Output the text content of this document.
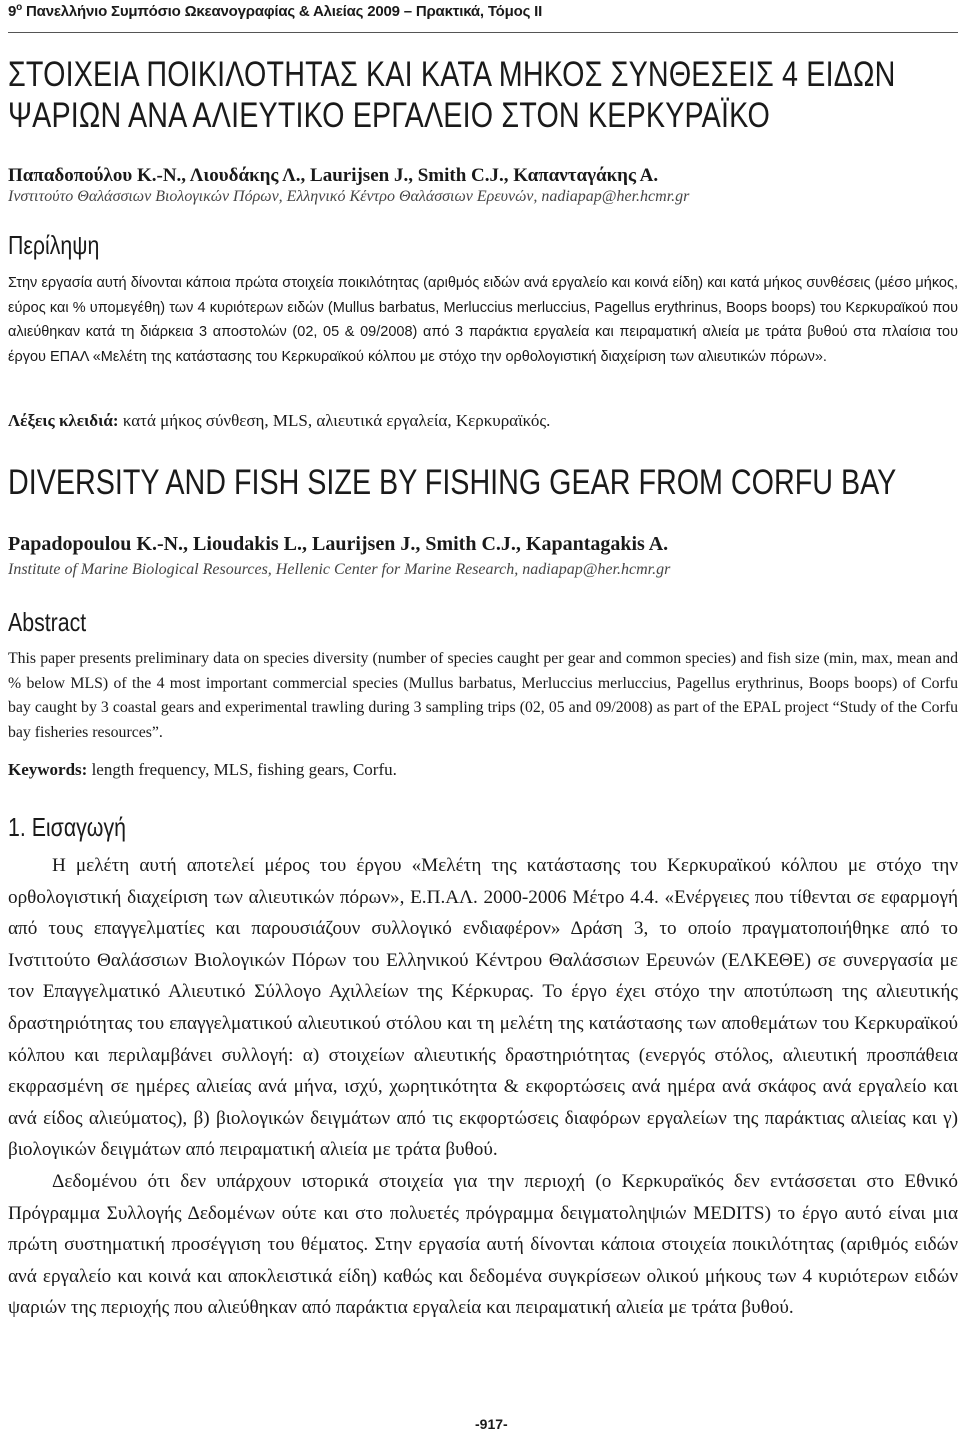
$9^o$ Πανελλήνιο Συμπόσιο Ωκεανογραφίας & Αλιείας 2009 – Πρακτικά, Τόμος II
ΣΤΟΙΧΕΙΑ ΠΟΙΚΙΛΟΤΗΤΑΣ ΚΑΙ ΚΑΤΑ ΜΗΚΟΣ ΣΥΝΘΕΣΕΙΣ 4 ΕΙΔΩΝ
ΨΑΡΙΩΝ ΑΝΑ ΑΛΙΕΥΤΙΚΟ ΕΡΓΑΛΕΙΟ ΣΤΟΝ ΚΕΡΚΥΡΑΪΚΟ
Παπαδοπούλου Κ.-Ν., Λιουδάκης Λ., Laurijsen J., Smith C.J., Καπανταγάκης Α.
Ινστιτούτο Θαλάσσιων Βιολογικών Πόρων, Ελληνικό Κέντρο Θαλάσσιων Ερευνών, nadiapap@her.hcmr.gr
Περίληψη
Στην εργασία αυτή δίνονται κάποια πρώτα στοιχεία ποικιλότητας (αριθμός ειδών ανά εργαλείο και κοινά είδη) και κατά μήκος συνθέσεις (μέσο μήκος, εύρος και % υπομεγέθη) των 4 κυριότερων ειδών (Mullus barbatus, Merluccius merluccius, Pagellus erythrinus, Boops boops) του Κερκυραϊκού που αλιεύθηκαν κατά τη διάρκεια 3 αποστολών (02, 05 & 09/2008) από 3 παράκτια εργαλεία και πειραματική αλιεία με τράτα βυθού στα πλαίσια του έργου ΕΠΑΛ «Μελέτη της κατάστασης του Κερκυραϊκού κόλπου με στόχο την ορθολογιστική διαχείριση των αλιευτικών πόρων».
Λέξεις κλειδιά: κατά μήκος σύνθεση, MLS, αλιευτικά εργαλεία, Κερκυραϊκός.
DIVERSITY AND FISH SIZE BY FISHING GEAR FROM CORFU BAY
Papadopoulou K.-N., Lioudakis L., Laurijsen J., Smith C.J., Kapantagakis A.
Institute of Marine Biological Resources, Hellenic Center for Marine Research, nadiapap@her.hcmr.gr
Abstract
This paper presents preliminary data on species diversity (number of species caught per gear and common species) and fish size (min, max, mean and % below MLS) of the 4 most important commercial species (Mullus barbatus, Merluccius merluccius, Pagellus erythrinus, Boops boops) of Corfu bay caught by 3 coastal gears and experimental trawling during 3 sampling trips (02, 05 and 09/2008) as part of the EPAL project “Study of the Corfu bay fisheries resources”.
Keywords: length frequency, MLS, fishing gears, Corfu.
1. Εισαγωγή

Η μελέτη αυτή αποτελεί μέρος του έργου «Μελέτη της κατάστασης του Κερκυραϊκού κόλπου με στόχο την ορθολογιστική διαχείριση των αλιευτικών πόρων», Ε.Π.ΑΛ. 2000-2006 Μέτρο 4.4. «Ενέργειες που τίθενται σε εφαρμογή από τους επαγγελματίες και παρουσιάζουν συλλογικό ενδιαφέρον» Δράση 3, το οποίο πραγματοποιήθηκε από το Ινστιτούτο Θαλάσσιων Βιολογικών Πόρων του Ελληνικού Κέντρου Θαλάσσιων Ερευνών (ΕΛΚΕΘΕ) σε συνεργασία με τον Επαγγελματικό Αλιευτικό Σύλλογο Αχιλλείων της Κέρκυρας. Το έργο έχει στόχο την αποτύπωση της αλιευτικής δραστηριότητας του επαγγελματικού αλιευτικού στόλου και τη μελέτη της κατάστασης των αποθεμάτων του Κερκυραϊκού κόλπου και περιλαμβάνει συλλογή: α) στοιχείων αλιευτικής δραστηριότητας (ενεργός στόλος, αλιευτική προσπάθεια εκφρασμένη σε ημέρες αλιείας ανά μήνα, ισχύ, χωρητικότητα & εκφορτώσεις ανά ημέρα ανά σκάφος ανά εργαλείο και ανά είδος αλιεύματος), β) βιολογικών δειγμάτων από τις εκφορτώσεις διαφόρων εργαλείων της παράκτιας αλιείας και γ) βιολογικών δειγμάτων από πειραματική αλιεία με τράτα βυθού.

Δεδομένου ότι δεν υπάρχουν ιστορικά στοιχεία για την περιοχή (ο Κερκυραϊκός δεν εντάσσεται στο Εθνικό Πρόγραμμα Συλλογής Δεδομένων ούτε και στο πολυετές πρόγραμμα δειγματοληψιών MEDITS) το έργο αυτό είναι μια πρώτη συστηματική προσέγγιση του θέματος. Στην εργασία αυτή δίνονται κάποια στοιχεία ποικιλότητας (αριθμός ειδών ανά εργαλείο και κοινά και αποκλειστικά είδη) καθώς και δεδομένα συγκρίσεων ολικού μήκους των 4 κυριότερων ειδών ψαριών της περιοχής που αλιεύθηκαν από παράκτια εργαλεία και πειραματική αλιεία με τράτα βυθού.

-917-
